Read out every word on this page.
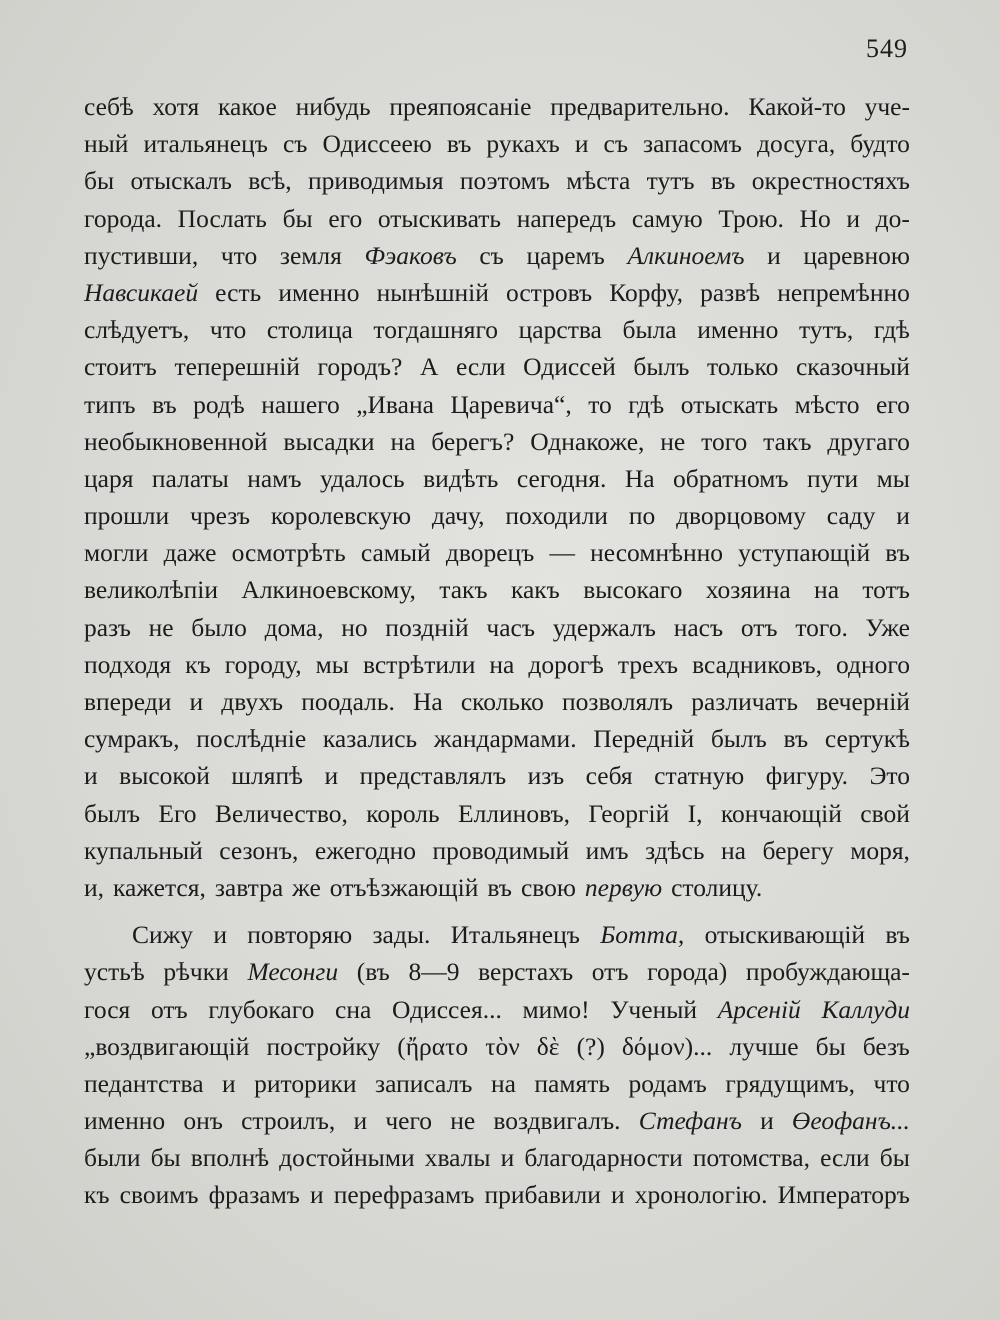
549
себѣ хотя какое нибудь преяпоясаніе предварительно. Какой-то уче-
ный итальянецъ съ Одиссеею въ рукахъ и съ запасомъ досуга, будто
бы отыскалъ всѣ, приводимыя поэтомъ мѣста тутъ въ окрестностяхъ
города. Послать бы его отыскивать напередъ самую Трою. Но и до-
пустивши, что земля Фэаковъ съ царемъ Алкиноемъ и царевною
Навсикаей есть именно нынѣшній островъ Корфу, развѣ непремѣнно
слѣдуетъ, что столица тогдашняго царства была именно тутъ, гдѣ
стоитъ теперешній городъ? А если Одиссей былъ только сказочный
типъ въ родѣ нашего „Ивана Царевича“, то гдѣ отыскать мѣсто его
необыкновенной высадки на берегъ? Однакоже, не того такъ другаго
царя палаты намъ удалось видѣть сегодня. На обратномъ пути мы
прошли чрезъ королевскую дачу, походили по дворцовому саду и
могли даже осмотрѣть самый дворецъ — несомнѣнно уступающій въ
великолѣпіи Алкиноевскому, такъ какъ высокаго хозяина на тотъ
разъ не было дома, но поздній часъ удержалъ насъ отъ того. Уже
подходя къ городу, мы встрѣтили на дорогѣ трехъ всадниковъ, одного
впереди и двухъ поодаль. На сколько позволялъ различать вечерній
сумракъ, послѣдніе казались жандармами. Передній былъ въ сертукѣ
и высокой шляпѣ и представлялъ изъ себя статную фигуру. Это
былъ Его Величество, король Еллиновъ, Георгій I, кончающій свой
купальный сезонъ, ежегодно проводимый имъ здѣсь на берегу моря,
и, кажется, завтра же отъѣзжающій въ свою первую столицу.
Сижу и повторяю зады. Итальянецъ Ботта, отыскивающій въ
устьѣ рѣчки Месонги (въ 8—9 верстахъ отъ города) пробуждающа-
гося отъ глубокаго сна Одиссея... мимо! Ученый Арсеній Каллуди
„воздвигающій постройку (ἤρατο τὸν δὲ (?) δόμον)... лучше бы безъ
педантства и риторики записалъ на память родамъ грядущимъ, что
именно онъ строилъ, и чего не воздвигалъ. Стефанъ и Өеофанъ...
были бы вполнѣ достойными хвалы и благодарности потомства, если бы
къ своимъ фразамъ и перефразамъ прибавили и хронологію. Императоръ
